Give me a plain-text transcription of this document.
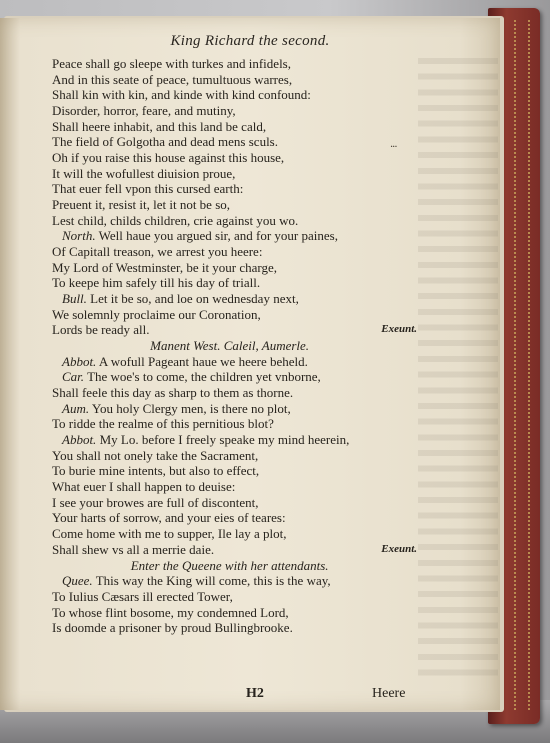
King Richard the second.
...
Peace shall go sleepe with turkes and infidels,
And in this seate of peace, tumultuous warres,
Shall kin with kin, and kinde with kind confound:
Disorder, horror, feare, and mutiny,
Shall heere inhabit, and this land be cald,
The field of Golgotha and dead mens sculs.
Oh if you raise this house against this house,
It will the wofullest diuision proue,
That euer fell vpon this cursed earth:
Preuent it, resist it, let it not be so,
Lest child, childs children, crie against you wo.
North. Well haue you argued sir, and for your paines,
Of Capitall treason, we arrest you heere:
My Lord of Westminster, be it your charge,
To keepe him safely till his day of triall.
Bull. Let it be so, and loe on wednesday next,
We solemnly proclaime our Coronation,
Lords be ready all.	Exeunt.
Manent West. Caleil, Aumerle.
Abbot. A wofull Pageant haue we heere beheld.
Car. The woe's to come, the children yet vnborne,
Shall feele this day as sharp to them as thorne.
Aum. You holy Clergy men, is there no plot,
To ridde the realme of this pernitious blot?
Abbot. My Lo. before I freely speake my mind heerein,
You shall not onely take the Sacrament,
To burie mine intents, but also to effect,
What euer I shall happen to deuise:
I see your browes are full of discontent,
Your harts of sorrow, and your eies of teares:
Come home with me to supper, Ile lay a plot,
Shall shew vs all a merrie daie.	Exeunt.
Enter the Queene with her attendants.
Quee. This way the King will come, this is the way,
To Iulius Cæsars ill erected Tower,
To whose flint bosome, my condemned Lord,
Is doomde a prisoner by proud Bullingbrooke.
H2	Heere
